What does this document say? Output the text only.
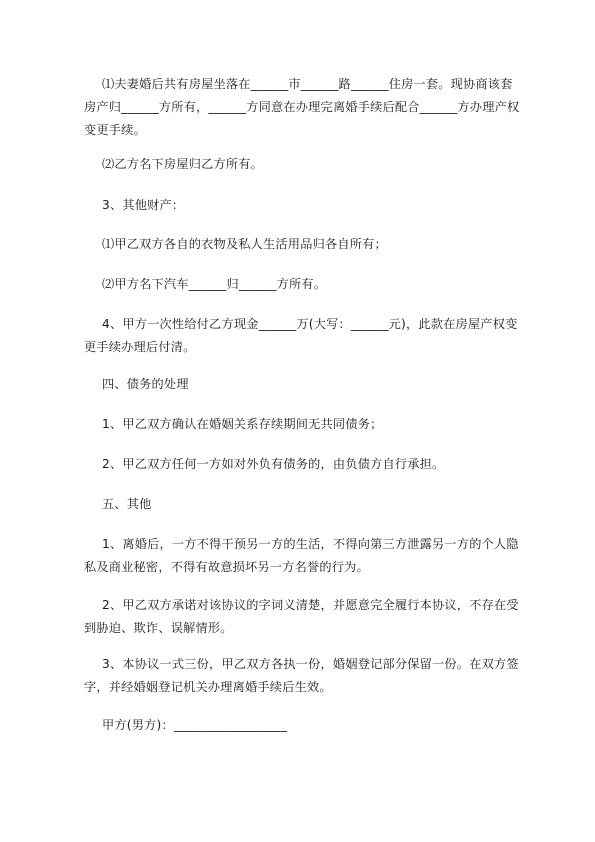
⑴夫妻婚后共有房屋坐落在______市______路______住房一套。现协商该套房产归______方所有，______方同意在办理完离婚手续后配合______方办理产权变更手续。

⑵乙方名下房屋归乙方所有。

3、其他财产：

⑴甲乙双方各自的衣物及私人生活用品归各自所有；

⑵甲方名下汽车______归______方所有。

4、甲方一次性给付乙方现金______万(大写：______元)，此款在房屋产权变更手续办理后付清。

四、债务的处理

1、甲乙双方确认在婚姻关系存续期间无共同债务；

2、甲乙双方任何一方如对外负有债务的，由负债方自行承担。

五、其他

1、离婚后，一方不得干预另一方的生活，不得向第三方泄露另一方的个人隐私及商业秘密，不得有故意损坏另一方名誉的行为。

2、甲乙双方承诺对该协议的字词义清楚，并愿意完全履行本协议，不存在受到胁迫、欺诈、误解情形。

3、本协议一式三份，甲乙双方各执一份，婚姻登记部分保留一份。在双方签字，并经婚姻登记机关办理离婚手续后生效。

甲方(男方)：__________________
